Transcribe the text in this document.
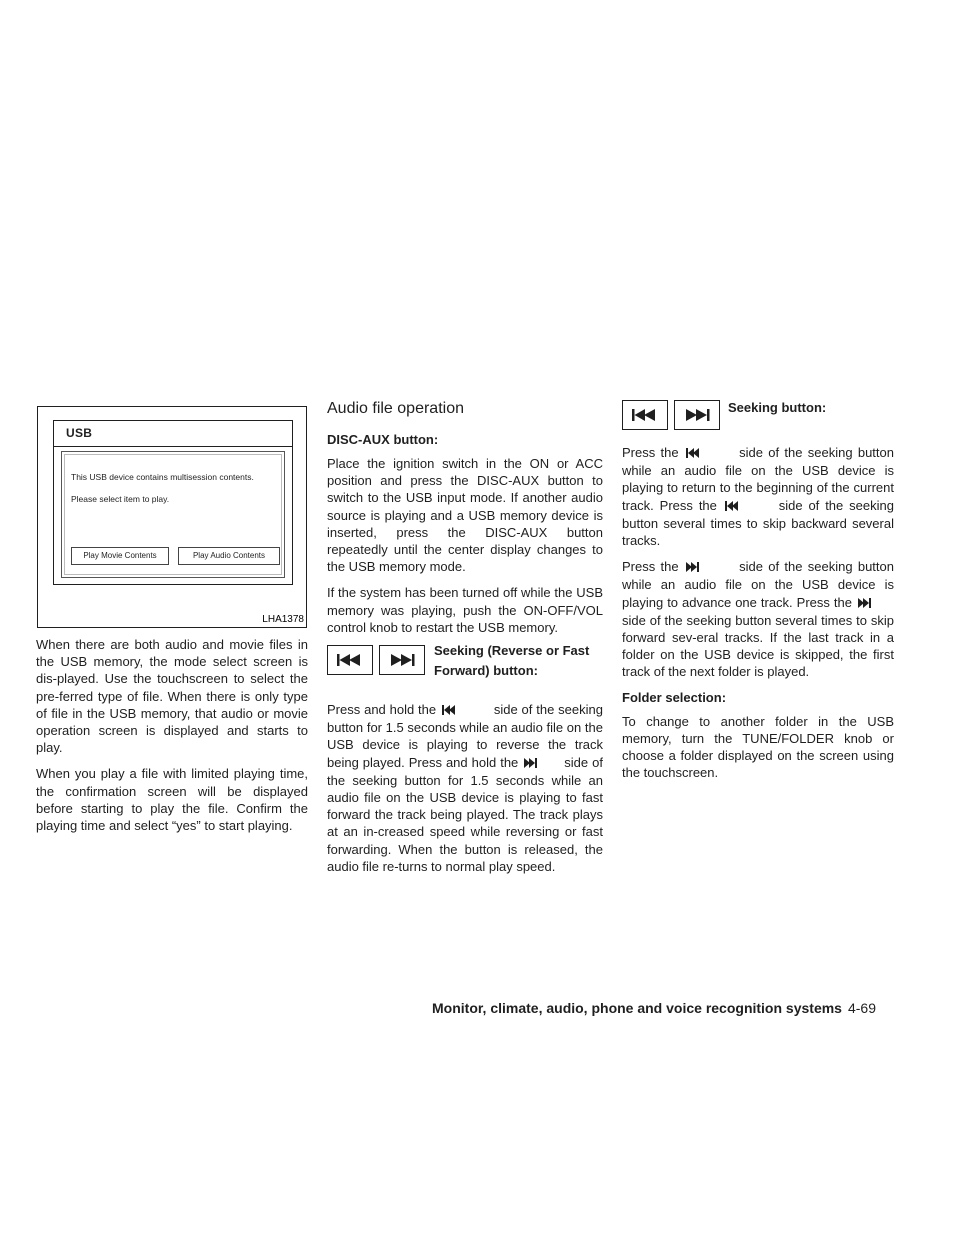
USB
This USB device contains multisession contents.
Please select item to play.
Play Movie Contents	Play Audio Contents
LHA1378

When there are both audio and movie files in the USB memory, the mode select screen is dis-played. Use the touchscreen to select the pre-ferred type of file. When there is only type of file in the USB memory, that audio or movie operation screen is displayed and starts to play.

When you play a file with limited playing time, the confirmation screen will be displayed before starting to play the file. Confirm the playing time and select “yes” to start playing.

Audio file operation
DISC-AUX button:

Place the ignition switch in the ON or ACC position and press the DISC-AUX button to switch to the USB input mode. If another audio source is playing and a USB memory device is inserted, press the DISC-AUX button repeatedly until the center display changes to the USB memory mode.

If the system has been turned off while the USB memory was playing, push the ON-OFF/VOL control knob to restart the USB memory.

Seeking (Reverse or Fast
Forward) button:

Press and hold the	side of the seeking button for 1.5 seconds while an audio file on the USB device is playing to reverse the track being played. Press and hold the	side of the seeking button for 1.5 seconds while an audio file on the USB device is playing to fast forward the track being played. The track plays at an in-creased speed while reversing or fast forwarding. When the button is released, the audio file re-turns to normal play speed.

Seeking button:

Press the	side of the seeking button while an audio file on the USB device is playing to return to the beginning of the current track. Press the	side of the seeking button several times to skip backward several tracks.

Press the	side of the seeking button while an audio file on the USB device is playing to advance one track. Press the  side of the seeking button several times to skip forward sev-eral tracks. If the last track in a folder on the USB device is skipped, the first track of the next folder is played.

Folder selection:

To change to another folder in the USB memory, turn the TUNE/FOLDER knob or choose a folder displayed on the screen using the touchscreen.

Monitor, climate, audio, phone and voice recognition systems 4-69
